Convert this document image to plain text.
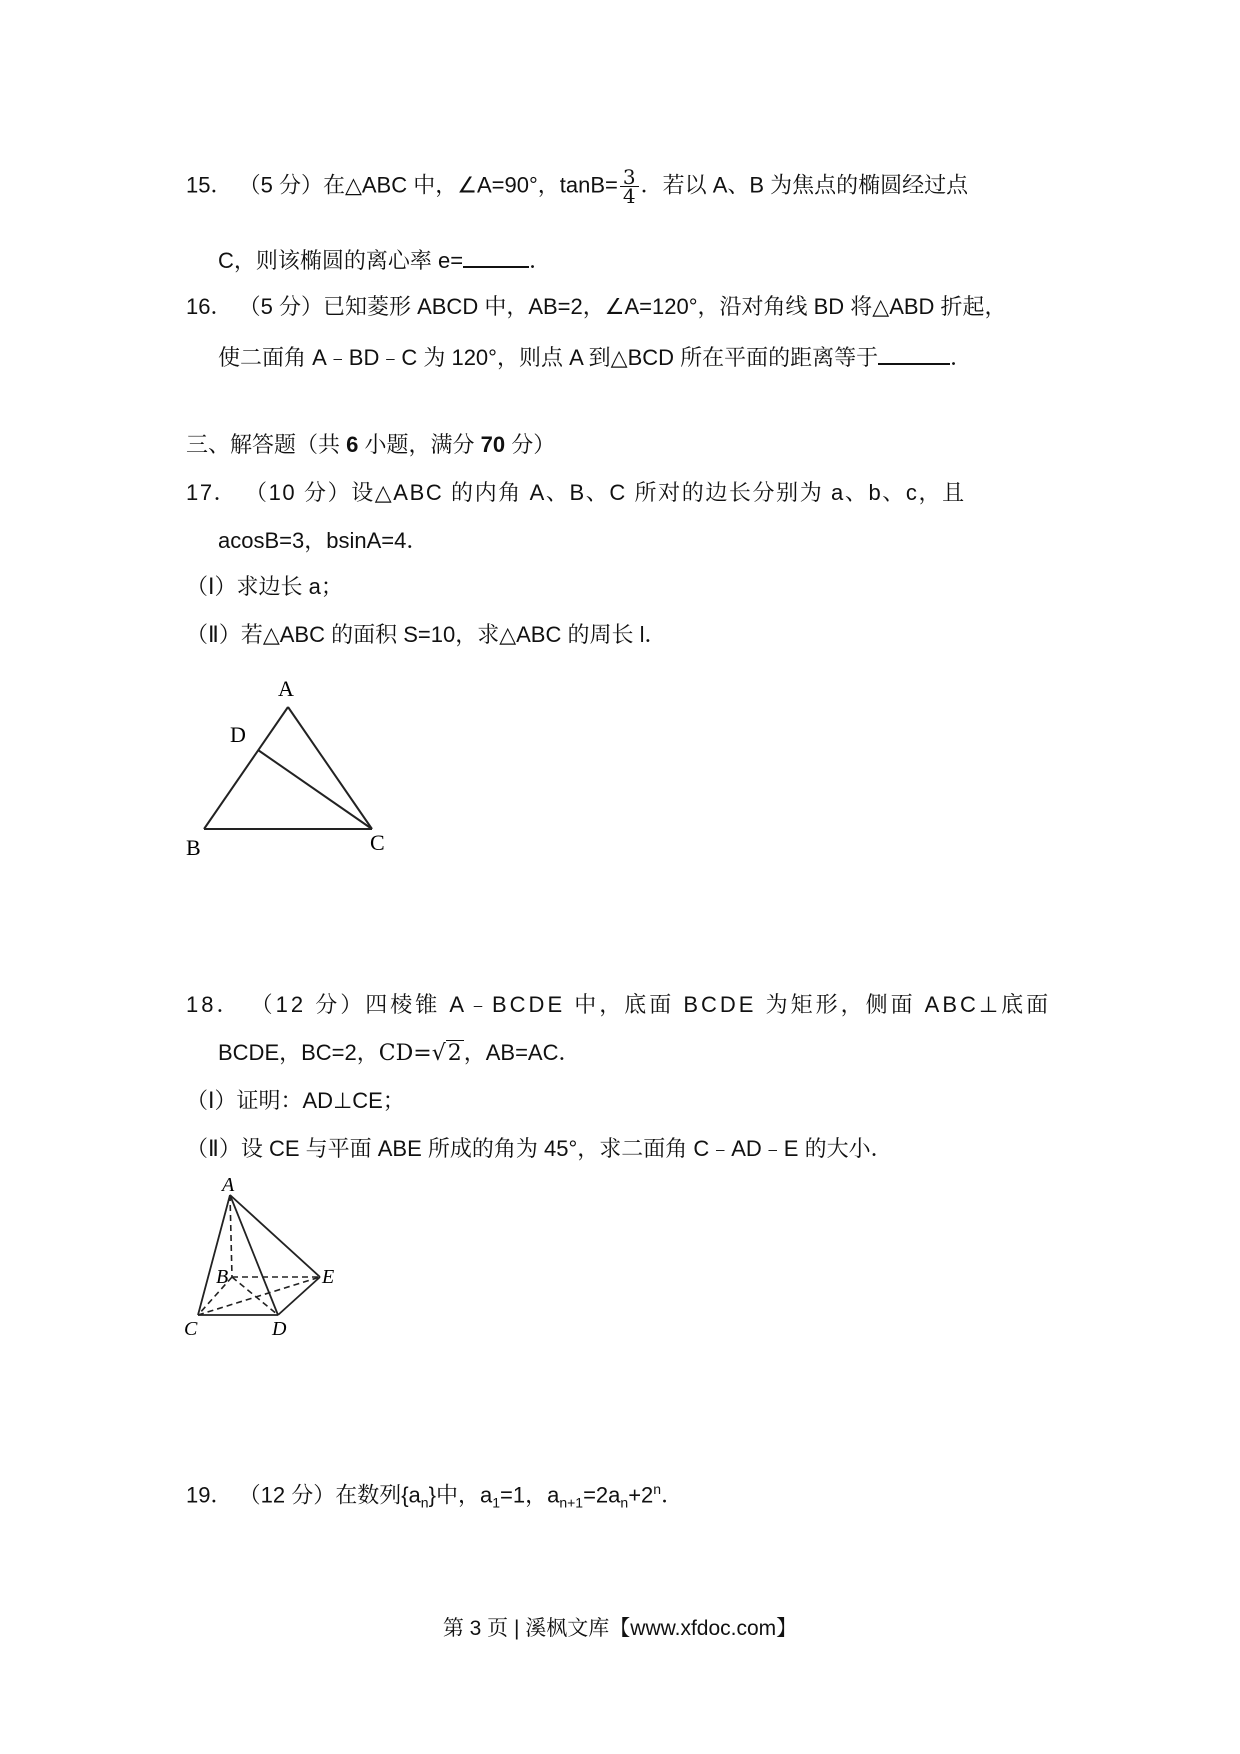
15． （5 分）在△ABC 中，∠A=90°，$\tan B= \frac{3}{4}$ ．若以 A、B 为焦点的椭圆经过点
C，则该椭圆的离心率 e=	．
16． （5 分）已知菱形 ABCD 中，AB=2，∠A=120°，沿对角线 BD 将△ABD 折起，
使二面角 A﹣BD﹣C 为 120°，则点 A 到△BCD 所在平面的距离等于	．
三、解答题（共 6 小题，满分 70 分）
17． （10 分）设△ABC 的内角 A、B、C 所对的边长分别为 a、b、c，且
acosB=3，bsinA=4．
（Ⅰ）求边长 a；
（Ⅱ）若△ABC 的面积 S=10，求△ABC 的周长 l．
A
D
B	C
18． （12 分）四棱锥 A﹣BCDE 中，底面 BCDE 为矩形，侧面 ABC⊥底面
BCDE，BC=2，CD=√2，AB=AC．
（Ⅰ）证明：AD⊥CE；
（Ⅱ）设 CE 与平面 ABE 所成的角为 45°，求二面角 C﹣AD﹣E 的大小．
A
B	E
C	D
19． （12 分）在数列$\{a_n\}$中，$a_1=1$，$a_{n+1}=2a_n+2^n$．
第 3 页 | 溪枫文库【www.xfdoc.com】
